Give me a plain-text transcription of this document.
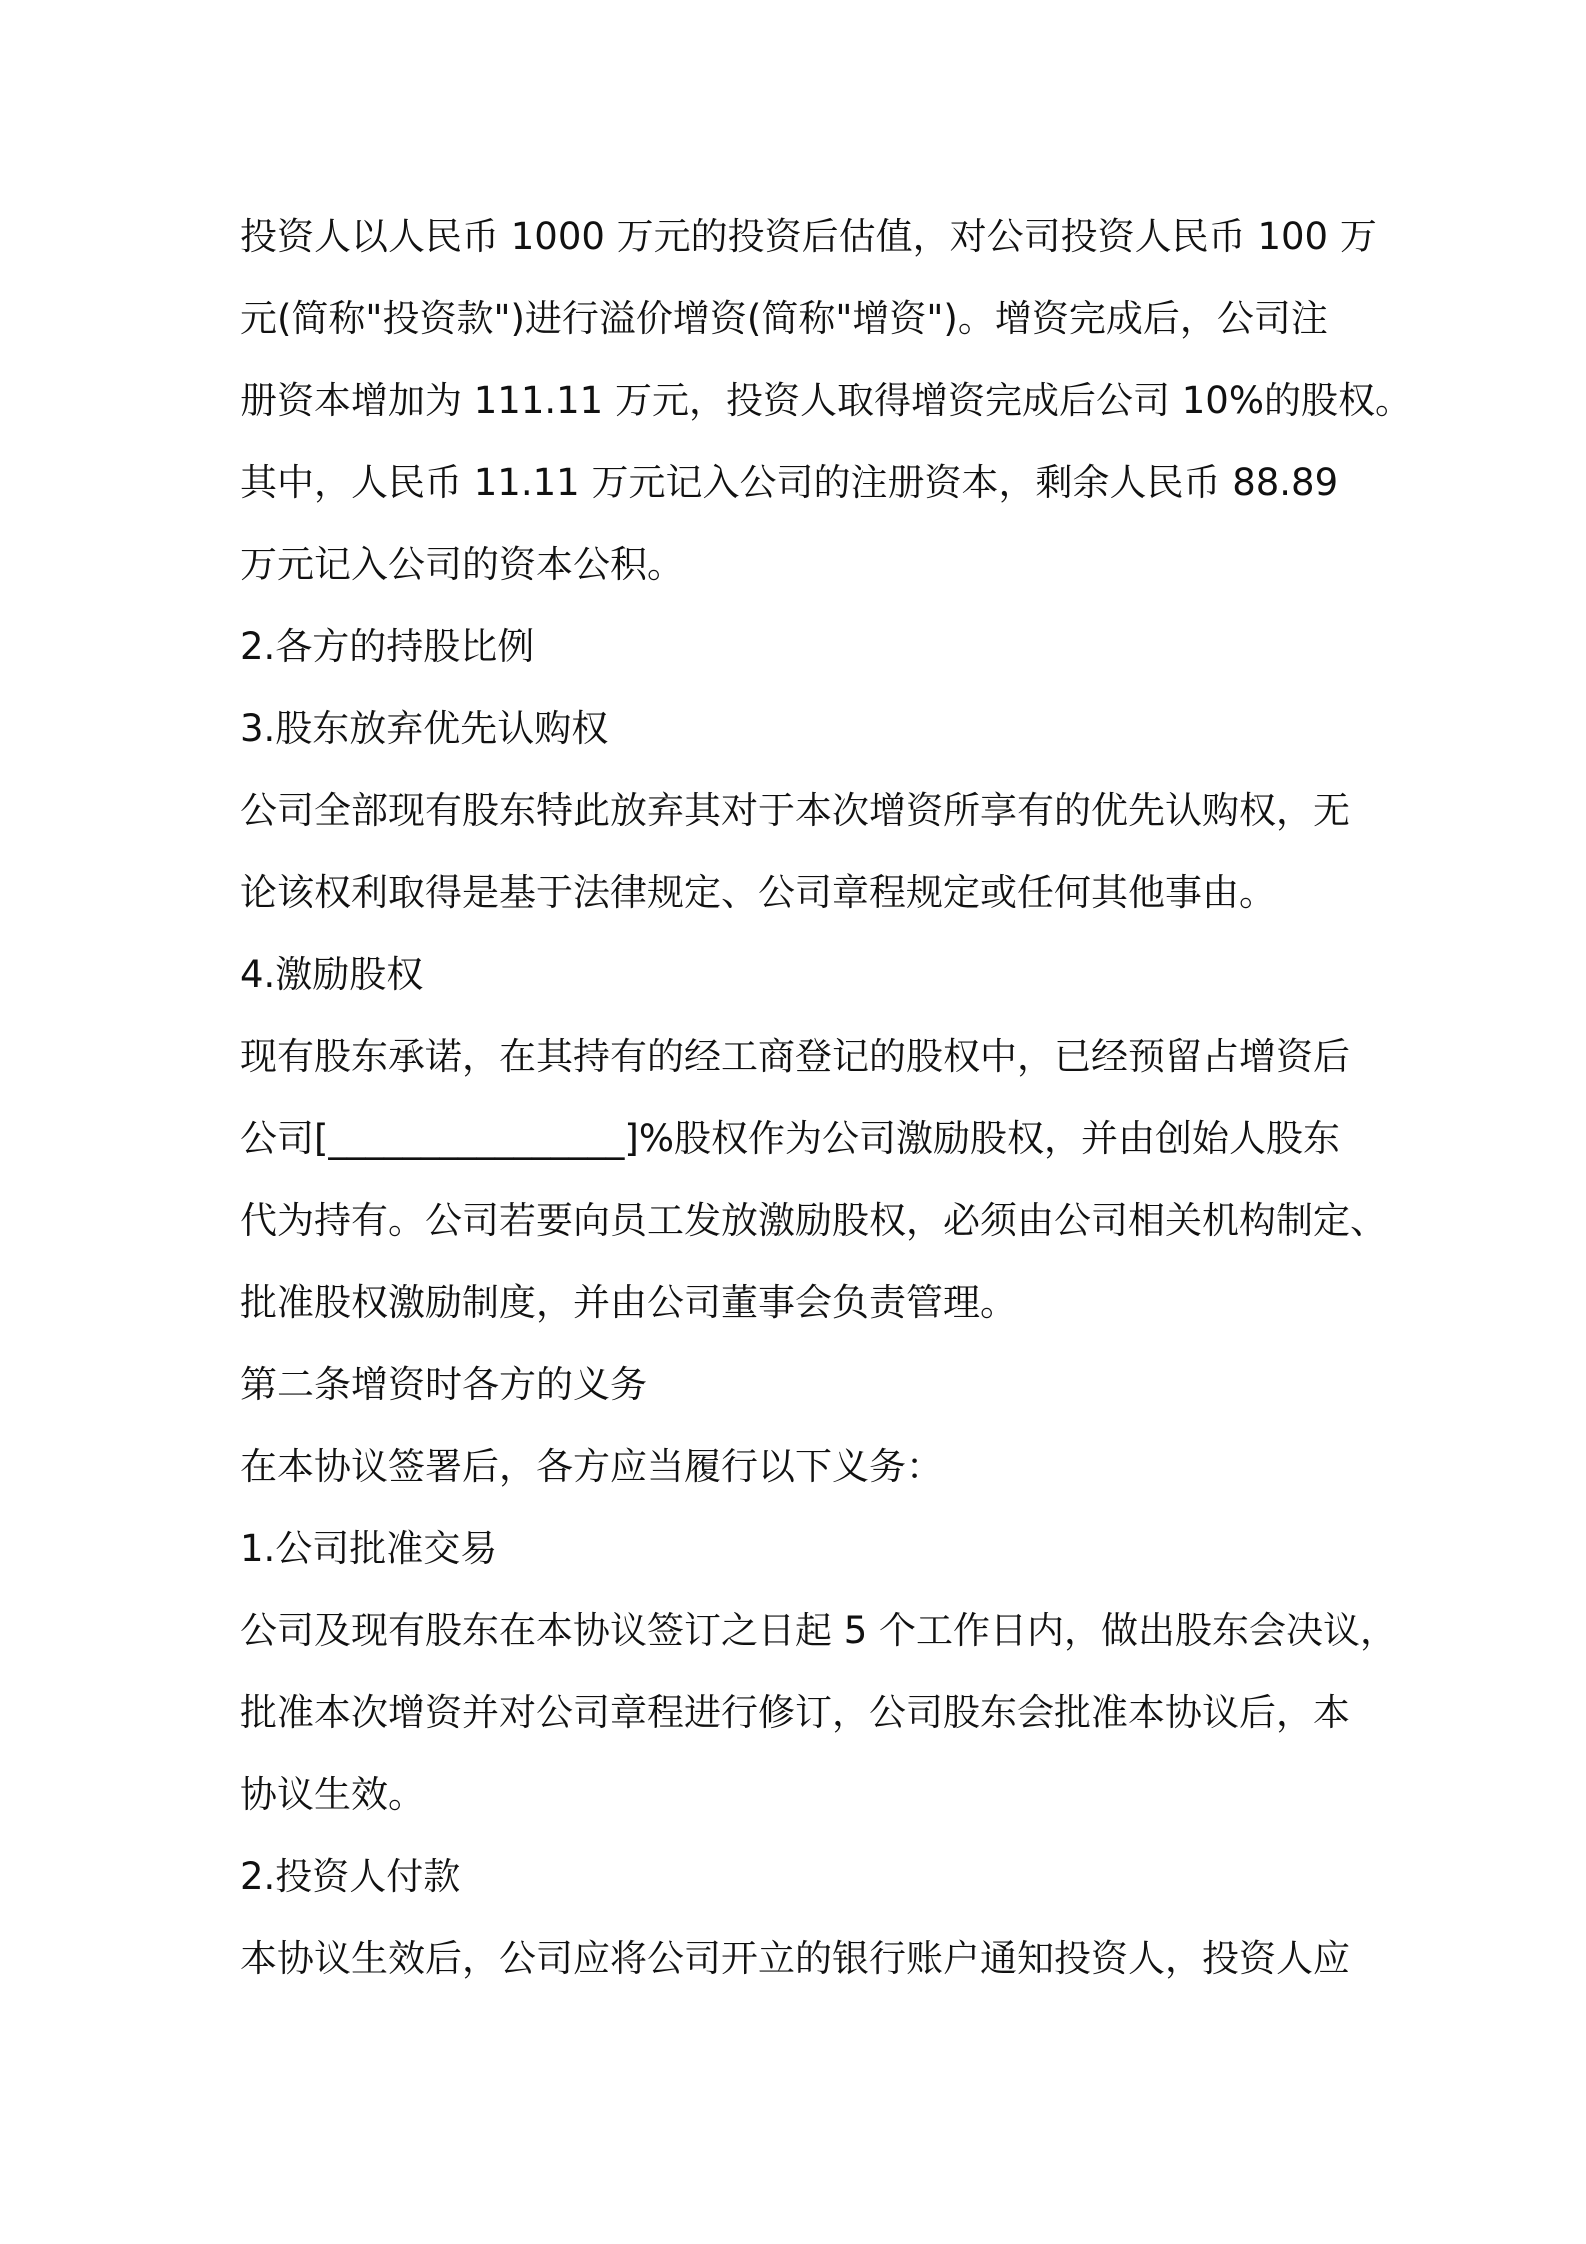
投资人以人民币 1000 万元的投资后估值，对公司投资人民币 100 万
元(简称"投资款")进行溢价增资(简称"增资")。增资完成后，公司注
册资本增加为 111.11 万元，投资人取得增资完成后公司 10%的股权。
其中，人民币 11.11 万元记入公司的注册资本，剩余人民币 88.89
万元记入公司的资本公积。
2.各方的持股比例
3.股东放弃优先认购权
公司全部现有股东特此放弃其对于本次增资所享有的优先认购权，无
论该权利取得是基于法律规定、公司章程规定或任何其他事由。
4.激励股权
现有股东承诺，在其持有的经工商登记的股权中，已经预留占增资后
公司[________________]%股权作为公司激励股权，并由创始人股东
代为持有。公司若要向员工发放激励股权，必须由公司相关机构制定、
批准股权激励制度，并由公司董事会负责管理。
第二条增资时各方的义务
在本协议签署后，各方应当履行以下义务：
1.公司批准交易
公司及现有股东在本协议签订之日起 5 个工作日内，做出股东会决议，
批准本次增资并对公司章程进行修订，公司股东会批准本协议后，本
协议生效。
2.投资人付款
本协议生效后，公司应将公司开立的银行账户通知投资人，投资人应
